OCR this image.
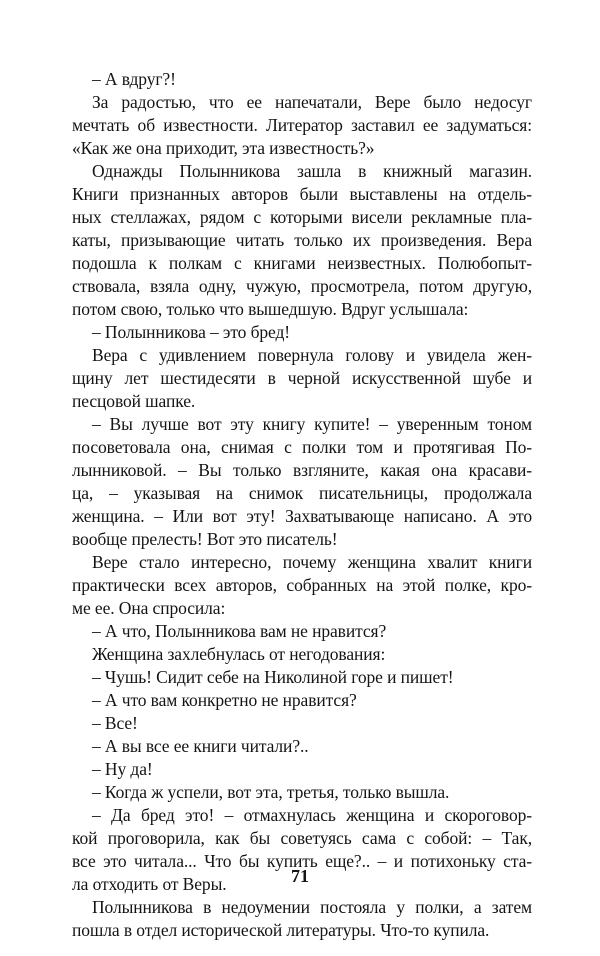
– А вдруг?!
За радостью, что ее напечатали, Вере было недосуг
мечтать об известности. Литератор заставил ее задуматься:
«Как же она приходит, эта известность?»
Однажды Полынникова зашла в книжный магазин.
Книги признанных авторов были выставлены на отдель-
ных стеллажах, рядом с которыми висели рекламные пла-
каты, призывающие читать только их произведения. Вера
подошла к полкам с книгами неизвестных. Полюбопыт-
ствовала, взяла одну, чужую, просмотрела, потом другую,
потом свою, только что вышедшую. Вдруг услышала:
– Полынникова – это бред!
Вера с удивлением повернула голову и увидела жен-
щину лет шестидесяти в черной искусственной шубе и
песцовой шапке.
– Вы лучше вот эту книгу купите! – уверенным тоном
посоветовала она, снимая с полки том и протягивая По-
лынниковой. – Вы только взгляните, какая она красави-
ца, – указывая на снимок писательницы, продолжала
женщина. – Или вот эту! Захватывающе написано. А это
вообще прелесть! Вот это писатель!
Вере стало интересно, почему женщина хвалит книги
практически всех авторов, собранных на этой полке, кро-
ме ее. Она спросила:
– А что, Полынникова вам не нравится?
Женщина захлебнулась от негодования:
– Чушь! Сидит себе на Николиной горе и пишет!
– А что вам конкретно не нравится?
– Все!
– А вы все ее книги читали?..
– Ну да!
– Когда ж успели, вот эта, третья, только вышла.
– Да бред это! – отмахнулась женщина и скороговор-
кой проговорила, как бы советуясь сама с собой: – Так,
все это читала... Что бы купить еще?.. – и потихоньку ста-
ла отходить от Веры.
Полынникова в недоумении постояла у полки, а затем
пошла в отдел исторической литературы. Что-то купила.
71
